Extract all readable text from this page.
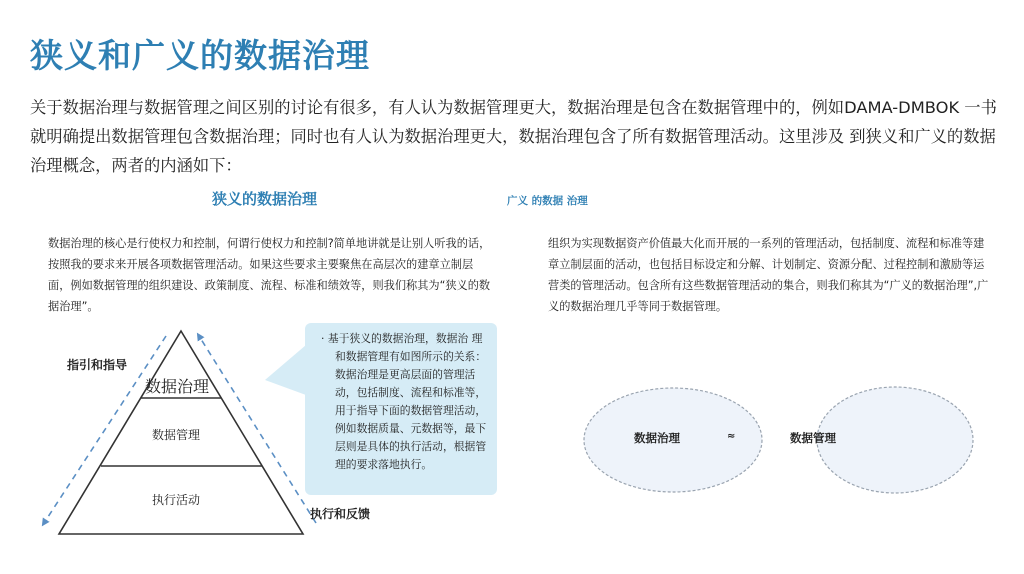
狭义和广义的数据治理

关于数据治理与数据管理之间区别的讨论有很多，有人认为数据管理更大，数据治理是包含在数据管理中的，例如DAMA-DMBOK 一书就明确提出数据管理包含数据治理；同时也有人认为数据治理更大，数据治理包含了所有数据管理活动。这里涉及 到狭义和广义的数据治理概念，两者的内涵如下：

狭义的数据治理	广义 的数据 治理

数据治理的核心是行使权力和控制，何谓行使权力和控制?简单地讲就是让别人听我的话，按照我的要求来开展各项数据管理活动。如果这些要求主要聚焦在高层次的建章立制层面，例如数据管理的组织建设、政策制度、流程、标准和绩效等，则我们称其为“狭义的数据治理”。

组织为实现数据资产价值最大化而开展的一系列的管理活动，包括制度、流程和标准等建章立制层面的活动，也包括目标设定和分解、计划制定、资源分配、过程控制和激励等运营类的管理活动。包含所有这些数据管理活动的集合，则我们称其为“广义的数据治理”,广义的数据治理几乎等同于数据管理。

数据治理
数据管理
执行活动
指引和指导
执行和反馈
· 基于狭义的数据治理，数据治 理和数据管理有如图所示的关系：数据治理是更高层面的管理活动，包括制度、流程和标准等，用于指导下面的数据管理活动，例如数据质量、元数据等，最下层则是具体的执行活动，根据管理的要求落地执行。
数据治理	≈	数据管理
